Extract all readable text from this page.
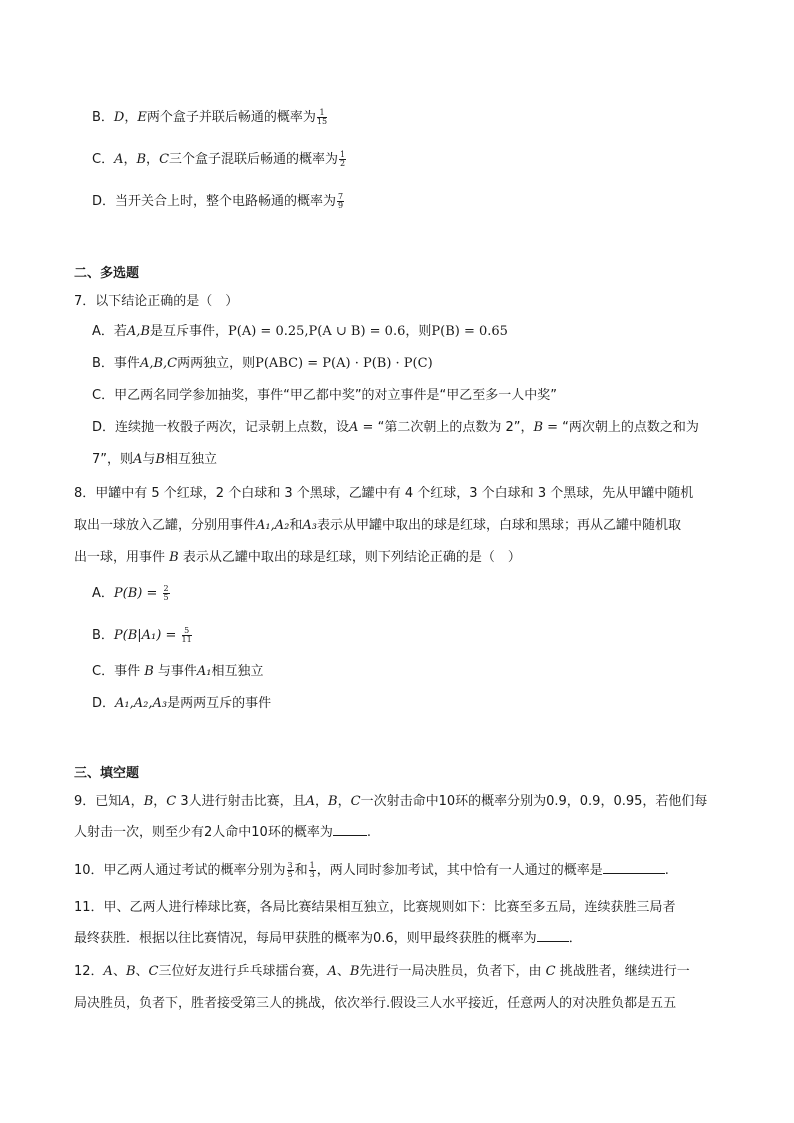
B．D，E两个盒子并联后畅通的概率为 $\frac{1}{15}$
C．A，B，C三个盒子混联后畅通的概率为 $\frac{1}{2}$
D．当开关合上时，整个电路畅通的概率为 $\frac{7}{9}$
二、多选题
7．以下结论正确的是（　）
A．若A,B是互斥事件，P(A) = 0.25,P(A ∪ B) = 0.6，则P(B) = 0.65
B．事件A,B,C两两独立，则P(ABC) = P(A) · P(B) · P(C)
C．甲乙两名同学参加抽奖，事件“甲乙都中奖”的对立事件是“甲乙至多一人中奖”
D．连续抛一枚骰子两次，记录朝上点数，设A = “第二次朝上的点数为 2”，B = “两次朝上的点数之和为
7”，则A与B相互独立
8．甲罐中有 5 个红球，2 个白球和 3 个黑球，乙罐中有 4 个红球，3 个白球和 3 个黑球，先从甲罐中随机
取出一球放入乙罐，分别用事件A₁,A₂和A₃表示从甲罐中取出的球是红球，白球和黑球；再从乙罐中随机取
出一球，用事件 B 表示从乙罐中取出的球是红球，则下列结论正确的是（　）
A．$P(B) = \frac{2}{5}$
B．$P(B|A_1) = \frac{5}{11}$
C．事件 B 与事件A₁相互独立
D．A₁,A₂,A₃是两两互斥的事件
三、填空题
9．已知A，B，C 3人进行射击比赛，且A，B，C一次射击命中10环的概率分别为0.9，0.9，0.95，若他们每
人射击一次，则至少有2人命中10环的概率为	.
10．甲乙两人通过考试的概率分别为 $\frac{3}{5}$ 和 $\frac{1}{3}$ ，两人同时参加考试，其中恰有一人通过的概率是	.
11．甲、乙两人进行棒球比赛，各局比赛结果相互独立，比赛规则如下：比赛至多五局，连续获胜三局者
最终获胜．根据以往比赛情况，每局甲获胜的概率为0.6，则甲最终获胜的概率为 ．
12．A、B、C三位好友进行乒乓球擂台赛，A、B先进行一局决胜员，负者下，由 C 挑战胜者，继续进行一
局决胜员，负者下，胜者接受第三人的挑战，依次举行.假设三人水平接近，任意两人的对决胜负都是五五
